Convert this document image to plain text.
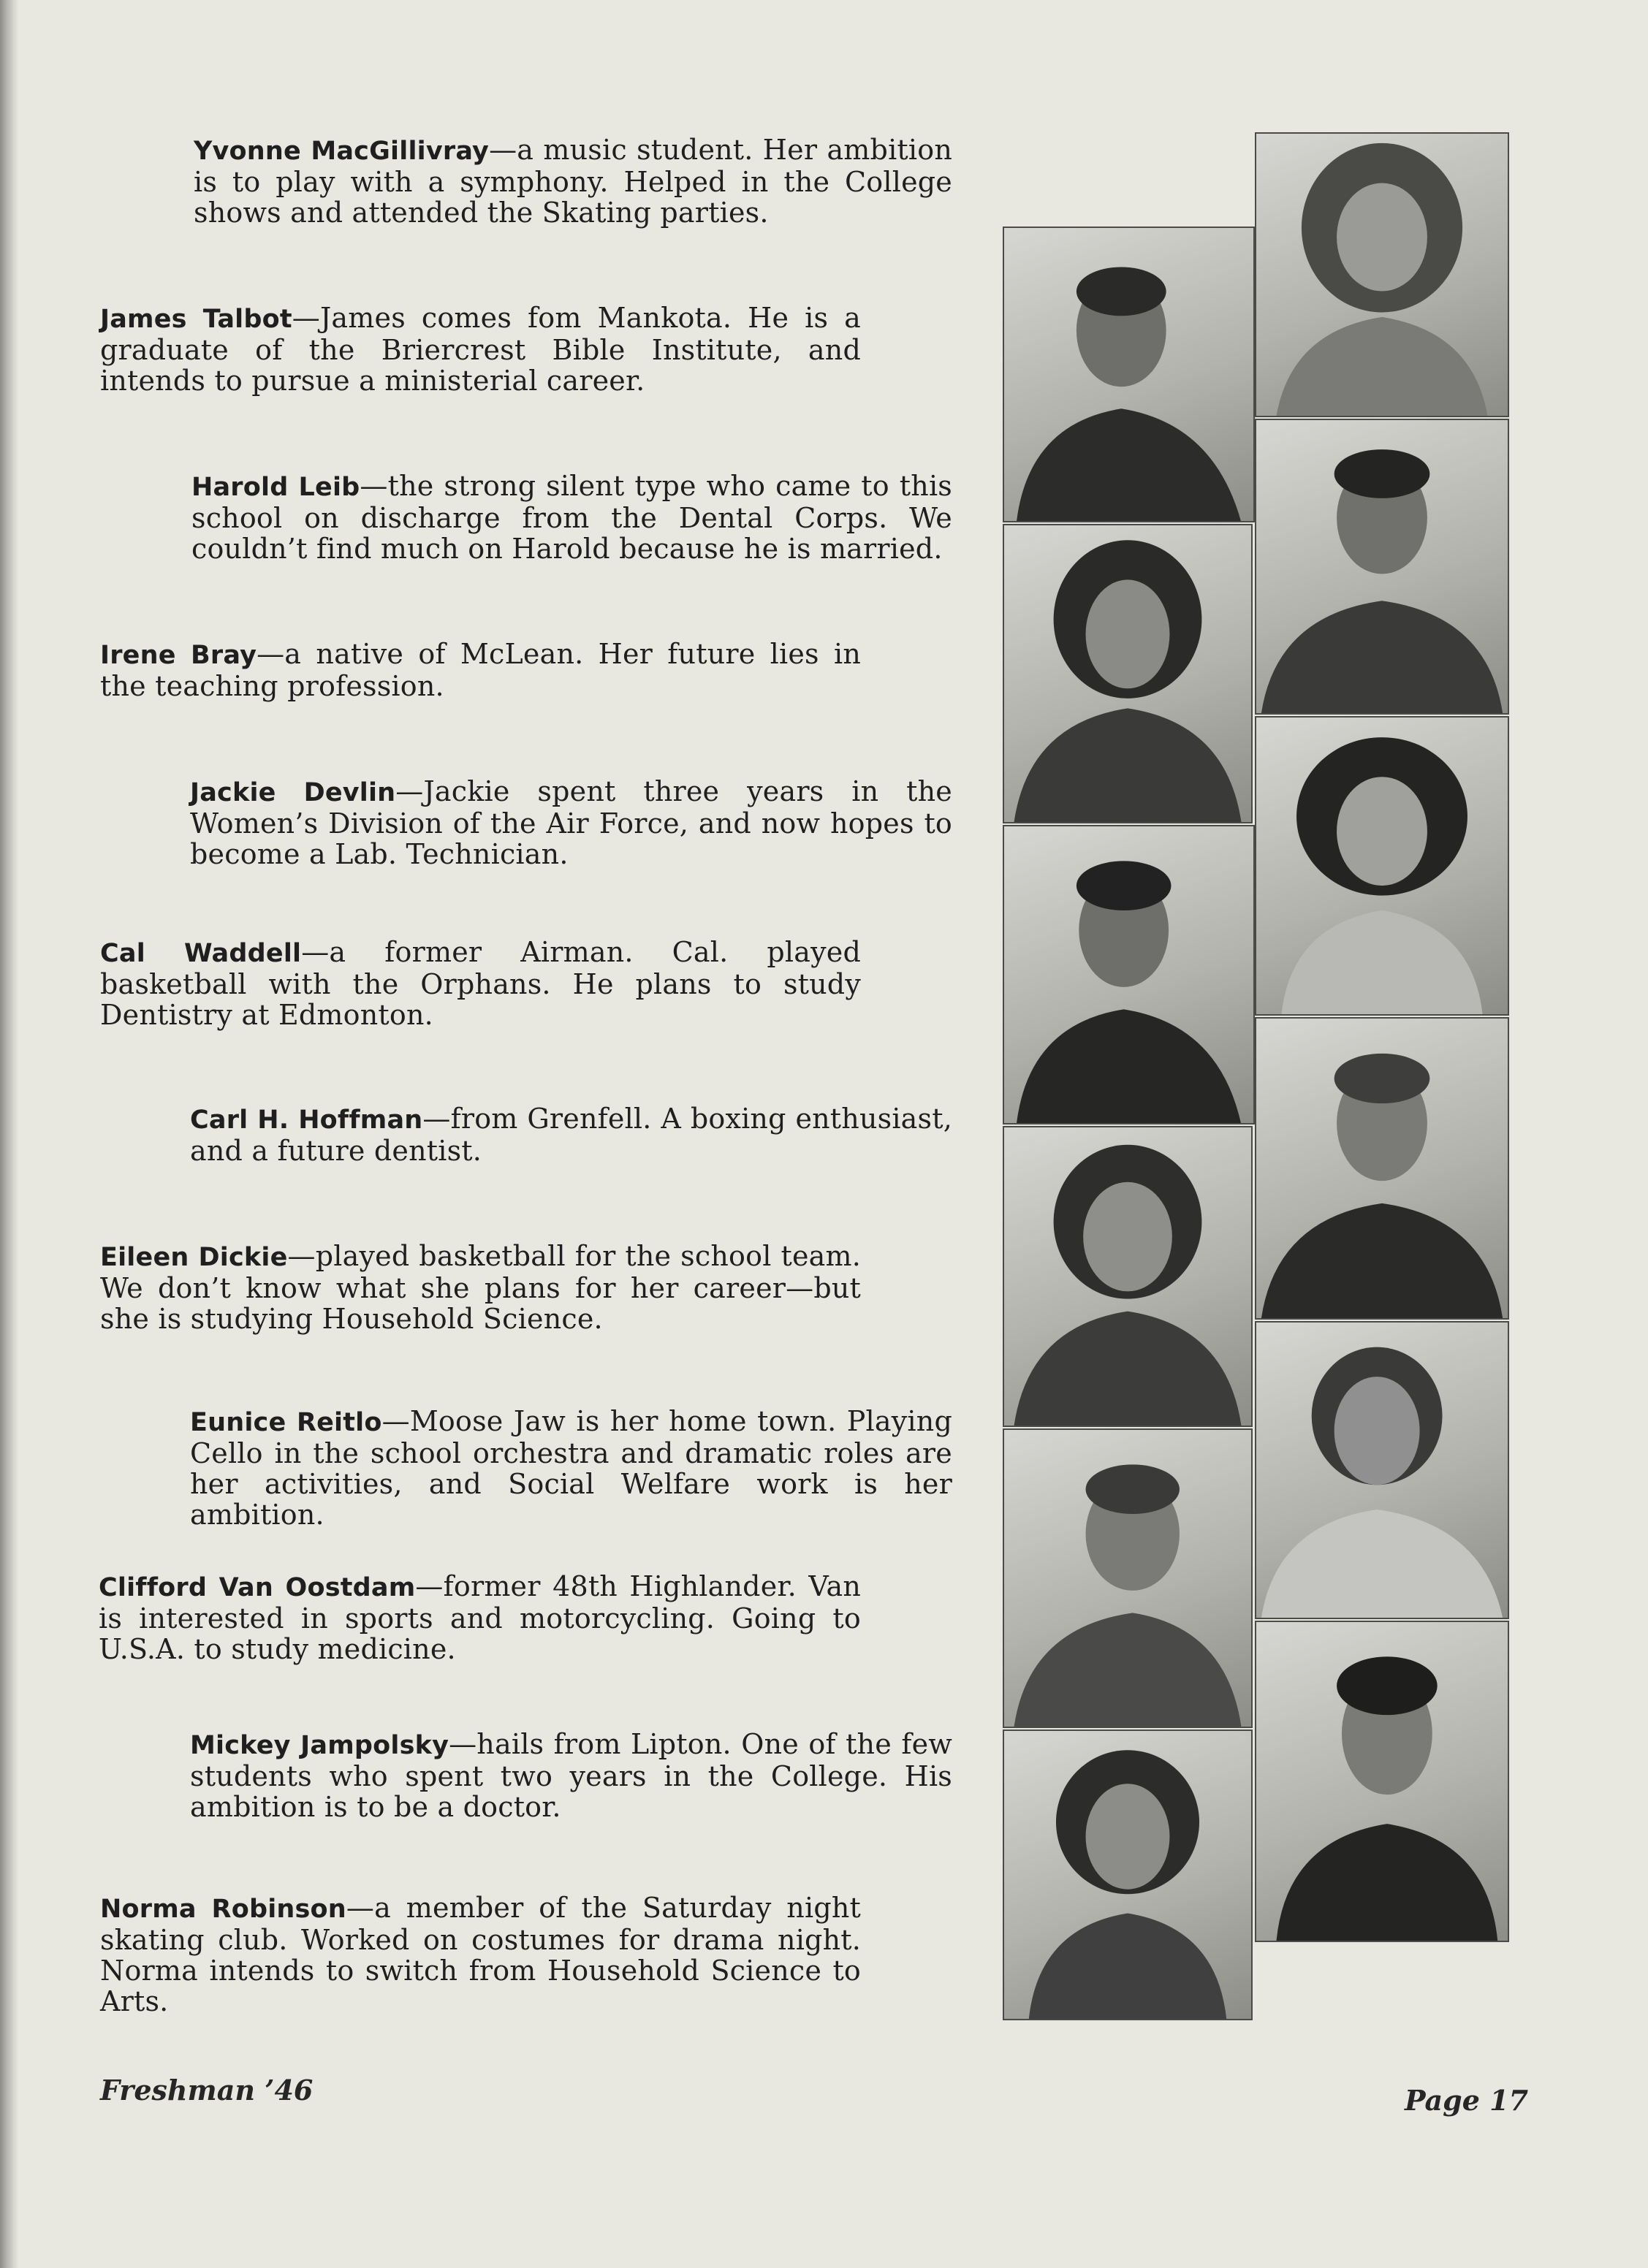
Yvonne MacGillivray—a music student. Her ambition is to play with a symphony. Helped in the College shows and attended the Skating parties.
James Talbot—James comes fom Mankota. He is a graduate of the Briercrest Bible Institute, and intends to pursue a ministerial career.
Harold Leib—the strong silent type who came to this school on discharge from the Dental Corps. We couldn’t find much on Harold because he is married.
Irene Bray—a native of McLean. Her future lies in the teaching profession.
Jackie Devlin—Jackie spent three years in the Women’s Division of the Air Force, and now hopes to become a Lab. Technician.
Cal Waddell—a former Airman. Cal. played basketball with the Orphans. He plans to study Dentistry at Edmonton.
Carl H. Hoffman—from Grenfell. A boxing enthusiast, and a future dentist.
Eileen Dickie—played basketball for the school team. We don’t know what she plans for her career—but she is studying Household Science.
Eunice Reitlo—Moose Jaw is her home town. Playing Cello in the school orchestra and dramatic roles are her activities, and Social Welfare work is her ambition.
Clifford Van Oostdam—former 48th Highlander. Van is interested in sports and motorcycling. Going to U.S.A. to study medicine.
Mickey Jampolsky—hails from Lipton. One of the few students who spent two years in the College. His ambition is to be a doctor.
Norma Robinson—a member of the Saturday night skating club. Worked on costumes for drama night. Norma intends to switch from Household Science to Arts.
Freshman ’46	Page 17
